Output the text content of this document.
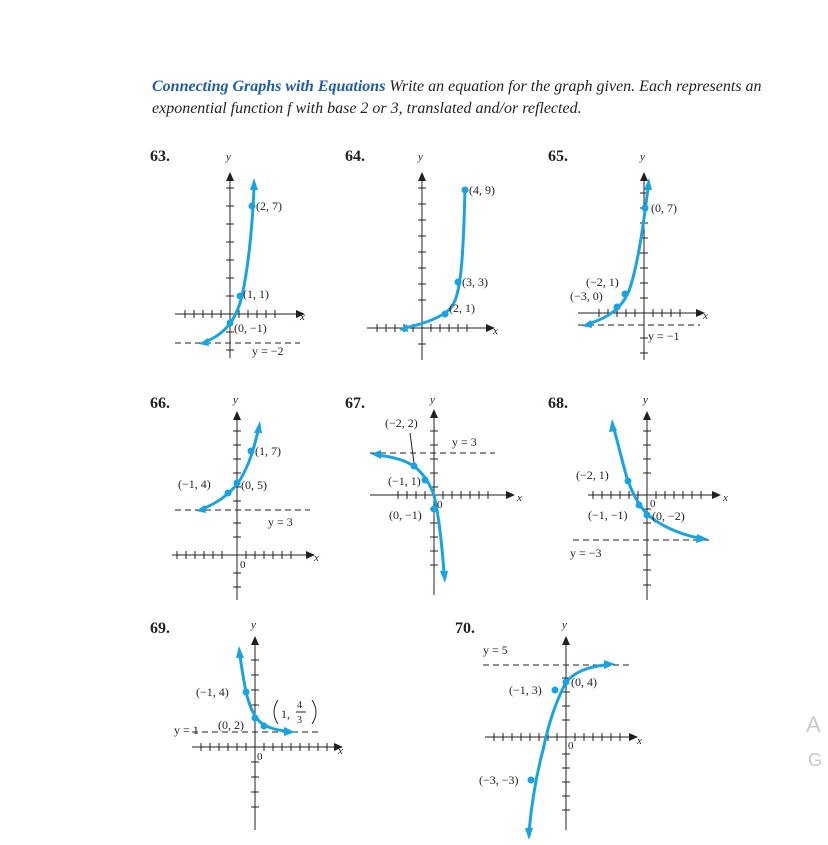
Connecting Graphs with Equations Write an equation for the graph given. Each represents an exponential function f with base 2 or 3, translated and/or reflected.
63.
(2, 7)
(1, 1)
(0, −1)
y = −2
y
x
64.
(4, 9)
(3, 3)
(2, 1)
y
x
65.
(0, 7)
(−2, 1)
(−3, 0)
y = −1
y
x
66.
(1, 7)
(−1, 4)	(0, 5)
y = 3
0
y
x
67.
(−2, 2)
(−1, 1)
(0, −1)
y = 3
0
y
x
68.
(−2, 1)
(−1, −1) (0, −2)
y = −3
0
y
x
69.
(−1, 4)
(0, 2)
1 ,
4
3
y = 1
0
y
x
70.
(0, 4)
(−1, 3)
(−3, −3)
y = 5
0
y
x
A
G
